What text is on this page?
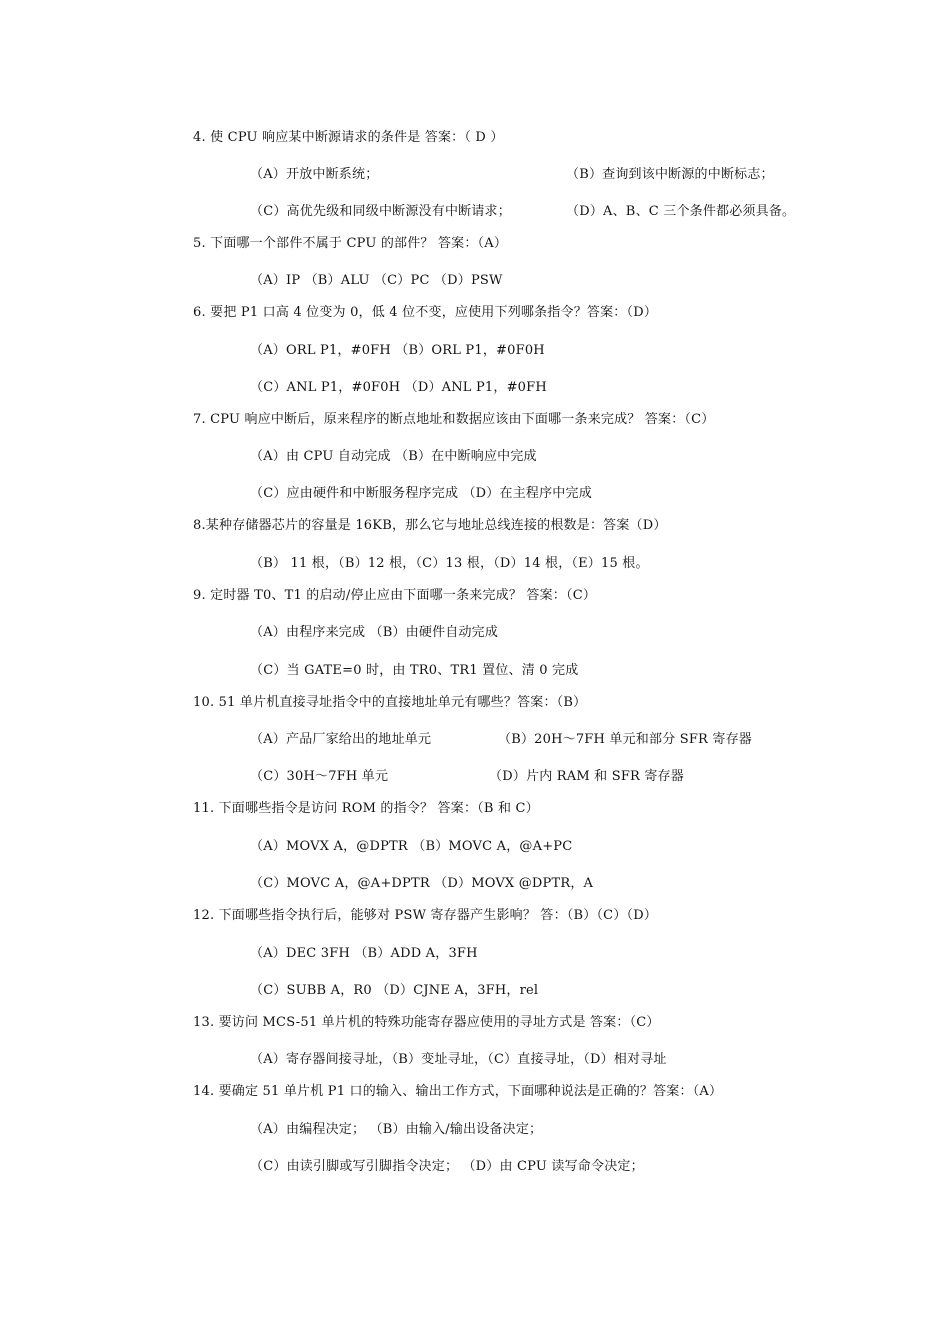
4. 使 CPU 响应某中断源请求的条件是 答案：（ D ）
（A）开放中断系统；	（B）查询到该中断源的中断标志；
（C）高优先级和同级中断源没有中断请求；	（D）A、B、C 三个条件都必须具备。
5. 下面哪一个部件不属于 CPU 的部件？ 答案：（A）
（A）IP （B）ALU （C）PC （D）PSW
6. 要把 P1 口高 4 位变为 0，低 4 位不变，应使用下列哪条指令？答案：（D）
（A）ORL P1，#0FH （B）ORL P1，#0F0H
（C）ANL P1，#0F0H （D）ANL P1，#0FH
7. CPU 响应中断后，原来程序的断点地址和数据应该由下面哪一条来完成？ 答案：（C）
（A）由 CPU 自动完成 （B）在中断响应中完成
（C）应由硬件和中断服务程序完成 （D）在主程序中完成
8.某种存储器芯片的容量是 16KB，那么它与地址总线连接的根数是：答案（D）
（B） 11 根，（B）12 根，（C）13 根，（D）14 根，（E）15 根。
9. 定时器 T0、T1 的启动/停止应由下面哪一条来完成？ 答案：（C）
（A）由程序来完成 （B）由硬件自动完成
（C）当 GATE=0 时，由 TR0、TR1 置位、清 0 完成
10. 51 单片机直接寻址指令中的直接地址单元有哪些？答案：（B）
（A）产品厂家给出的地址单元	（B）20H～7FH 单元和部分 SFR 寄存器
（C）30H～7FH 单元	（D）片内 RAM 和 SFR 寄存器
11. 下面哪些指令是访问 ROM 的指令？ 答案：（B 和 C）
（A）MOVX A，@DPTR （B）MOVC A，@A+PC
（C）MOVC A，@A+DPTR （D）MOVX @DPTR，A
12. 下面哪些指令执行后，能够对 PSW 寄存器产生影响？ 答：（B）（C）（D）
（A）DEC 3FH （B）ADD A，3FH
（C）SUBB A，R0 （D）CJNE A，3FH，rel
13. 要访问 MCS-51 单片机的特殊功能寄存器应使用的寻址方式是 答案：（C）
（A）寄存器间接寻址，（B）变址寻址，（C）直接寻址，（D）相对寻址
14. 要确定 51 单片机 P1 口的输入、输出工作方式，下面哪种说法是正确的？答案：（A）
（A）由编程决定； （B）由输入/输出设备决定；
（C）由读引脚或写引脚指令决定； （D）由 CPU 读写命令决定；
